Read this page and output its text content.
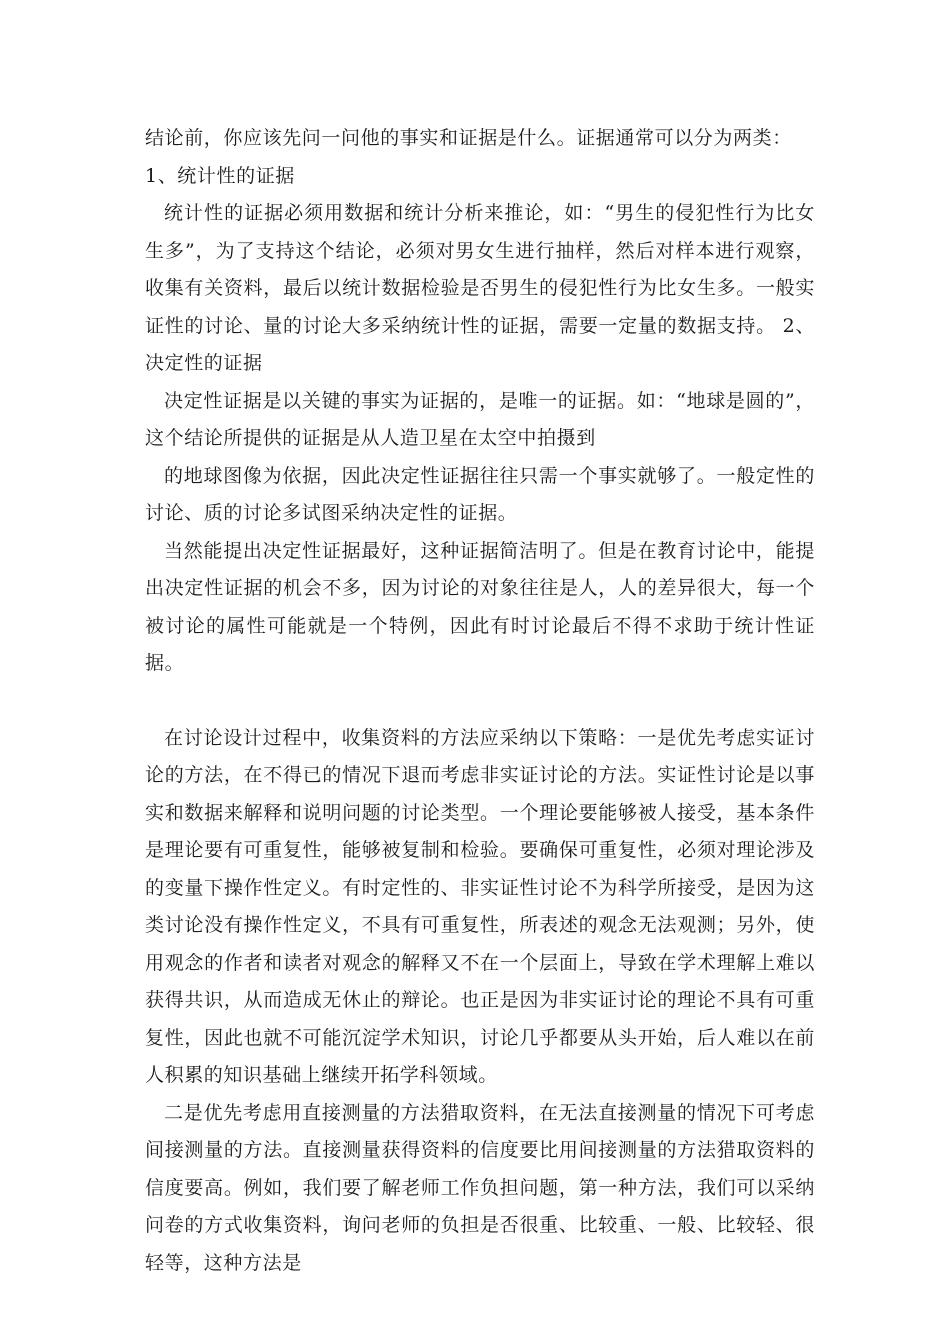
结论前，你应该先问一问他的事实和证据是什么。证据通常可以分为两类：

1、统计性的证据

统计性的证据必须用数据和统计分析来推论，如：“男生的侵犯性行为比女生多”，为了支持这个结论，必须对男女生进行抽样，然后对样本进行观察，收集有关资料，最后以统计数据检验是否男生的侵犯性行为比女生多。一般实证性的讨论、量的讨论大多采纳统计性的证据，需要一定量的数据支持。 2、决定性的证据

决定性证据是以关键的事实为证据的，是唯一的证据。如：“地球是圆的”，这个结论所提供的证据是从人造卫星在太空中拍摄到

的地球图像为依据，因此决定性证据往往只需一个事实就够了。一般定性的讨论、质的讨论多试图采纳决定性的证据。

当然能提出决定性证据最好，这种证据简洁明了。但是在教育讨论中，能提出决定性证据的机会不多，因为讨论的对象往往是人，人的差异很大，每一个被讨论的属性可能就是一个特例，因此有时讨论最后不得不求助于统计性证据。

在讨论设计过程中，收集资料的方法应采纳以下策略：一是优先考虑实证讨论的方法，在不得已的情况下退而考虑非实证讨论的方法。实证性讨论是以事实和数据来解释和说明问题的讨论类型。一个理论要能够被人接受，基本条件是理论要有可重复性，能够被复制和检验。要确保可重复性，必须对理论涉及的变量下操作性定义。有时定性的、非实证性讨论不为科学所接受，是因为这类讨论没有操作性定义，不具有可重复性，所表述的观念无法观测；另外，使用观念的作者和读者对观念的解释又不在一个层面上，导致在学术理解上难以获得共识，从而造成无休止的辩论。也正是因为非实证讨论的理论不具有可重复性，因此也就不可能沉淀学术知识，讨论几乎都要从头开始，后人难以在前人积累的知识基础上继续开拓学科领域。

二是优先考虑用直接测量的方法猎取资料，在无法直接测量的情况下可考虑间接测量的方法。直接测量获得资料的信度要比用间接测量的方法猎取资料的信度要高。例如，我们要了解老师工作负担问题，第一种方法，我们可以采纳问卷的方式收集资料，询问老师的负担是否很重、比较重、一般、比较轻、很轻等，这种方法是
